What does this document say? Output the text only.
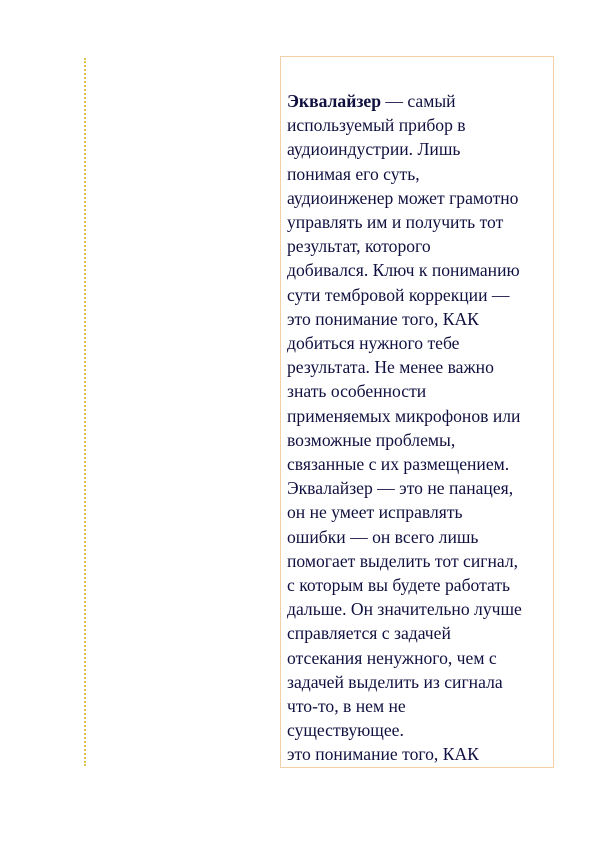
Эквалайзер — самый
используемый прибор в
аудиоиндустрии. Лишь
понимая его суть,
аудиоинженер может грамотно
управлять им и получить тот
результат, которого
добивался. Ключ к пониманию
сути тембровой коррекции —
это понимание того, КАК
добиться нужного тебе
результата. Не менее важно
знать особенности
применяемых микрофонов или
возможные проблемы,
связанные с их размещением.
Эквалайзер — это не панацея,
он не умеет исправлять
ошибки — он всего лишь
помогает выделить тот сигнал,
с которым вы будете работать
дальше. Он значительно лучше
справляется с задачей
отсекания ненужного, чем с
задачей выделить из сигнала
что-то, в нем не
существующее.
это понимание того, КАК
